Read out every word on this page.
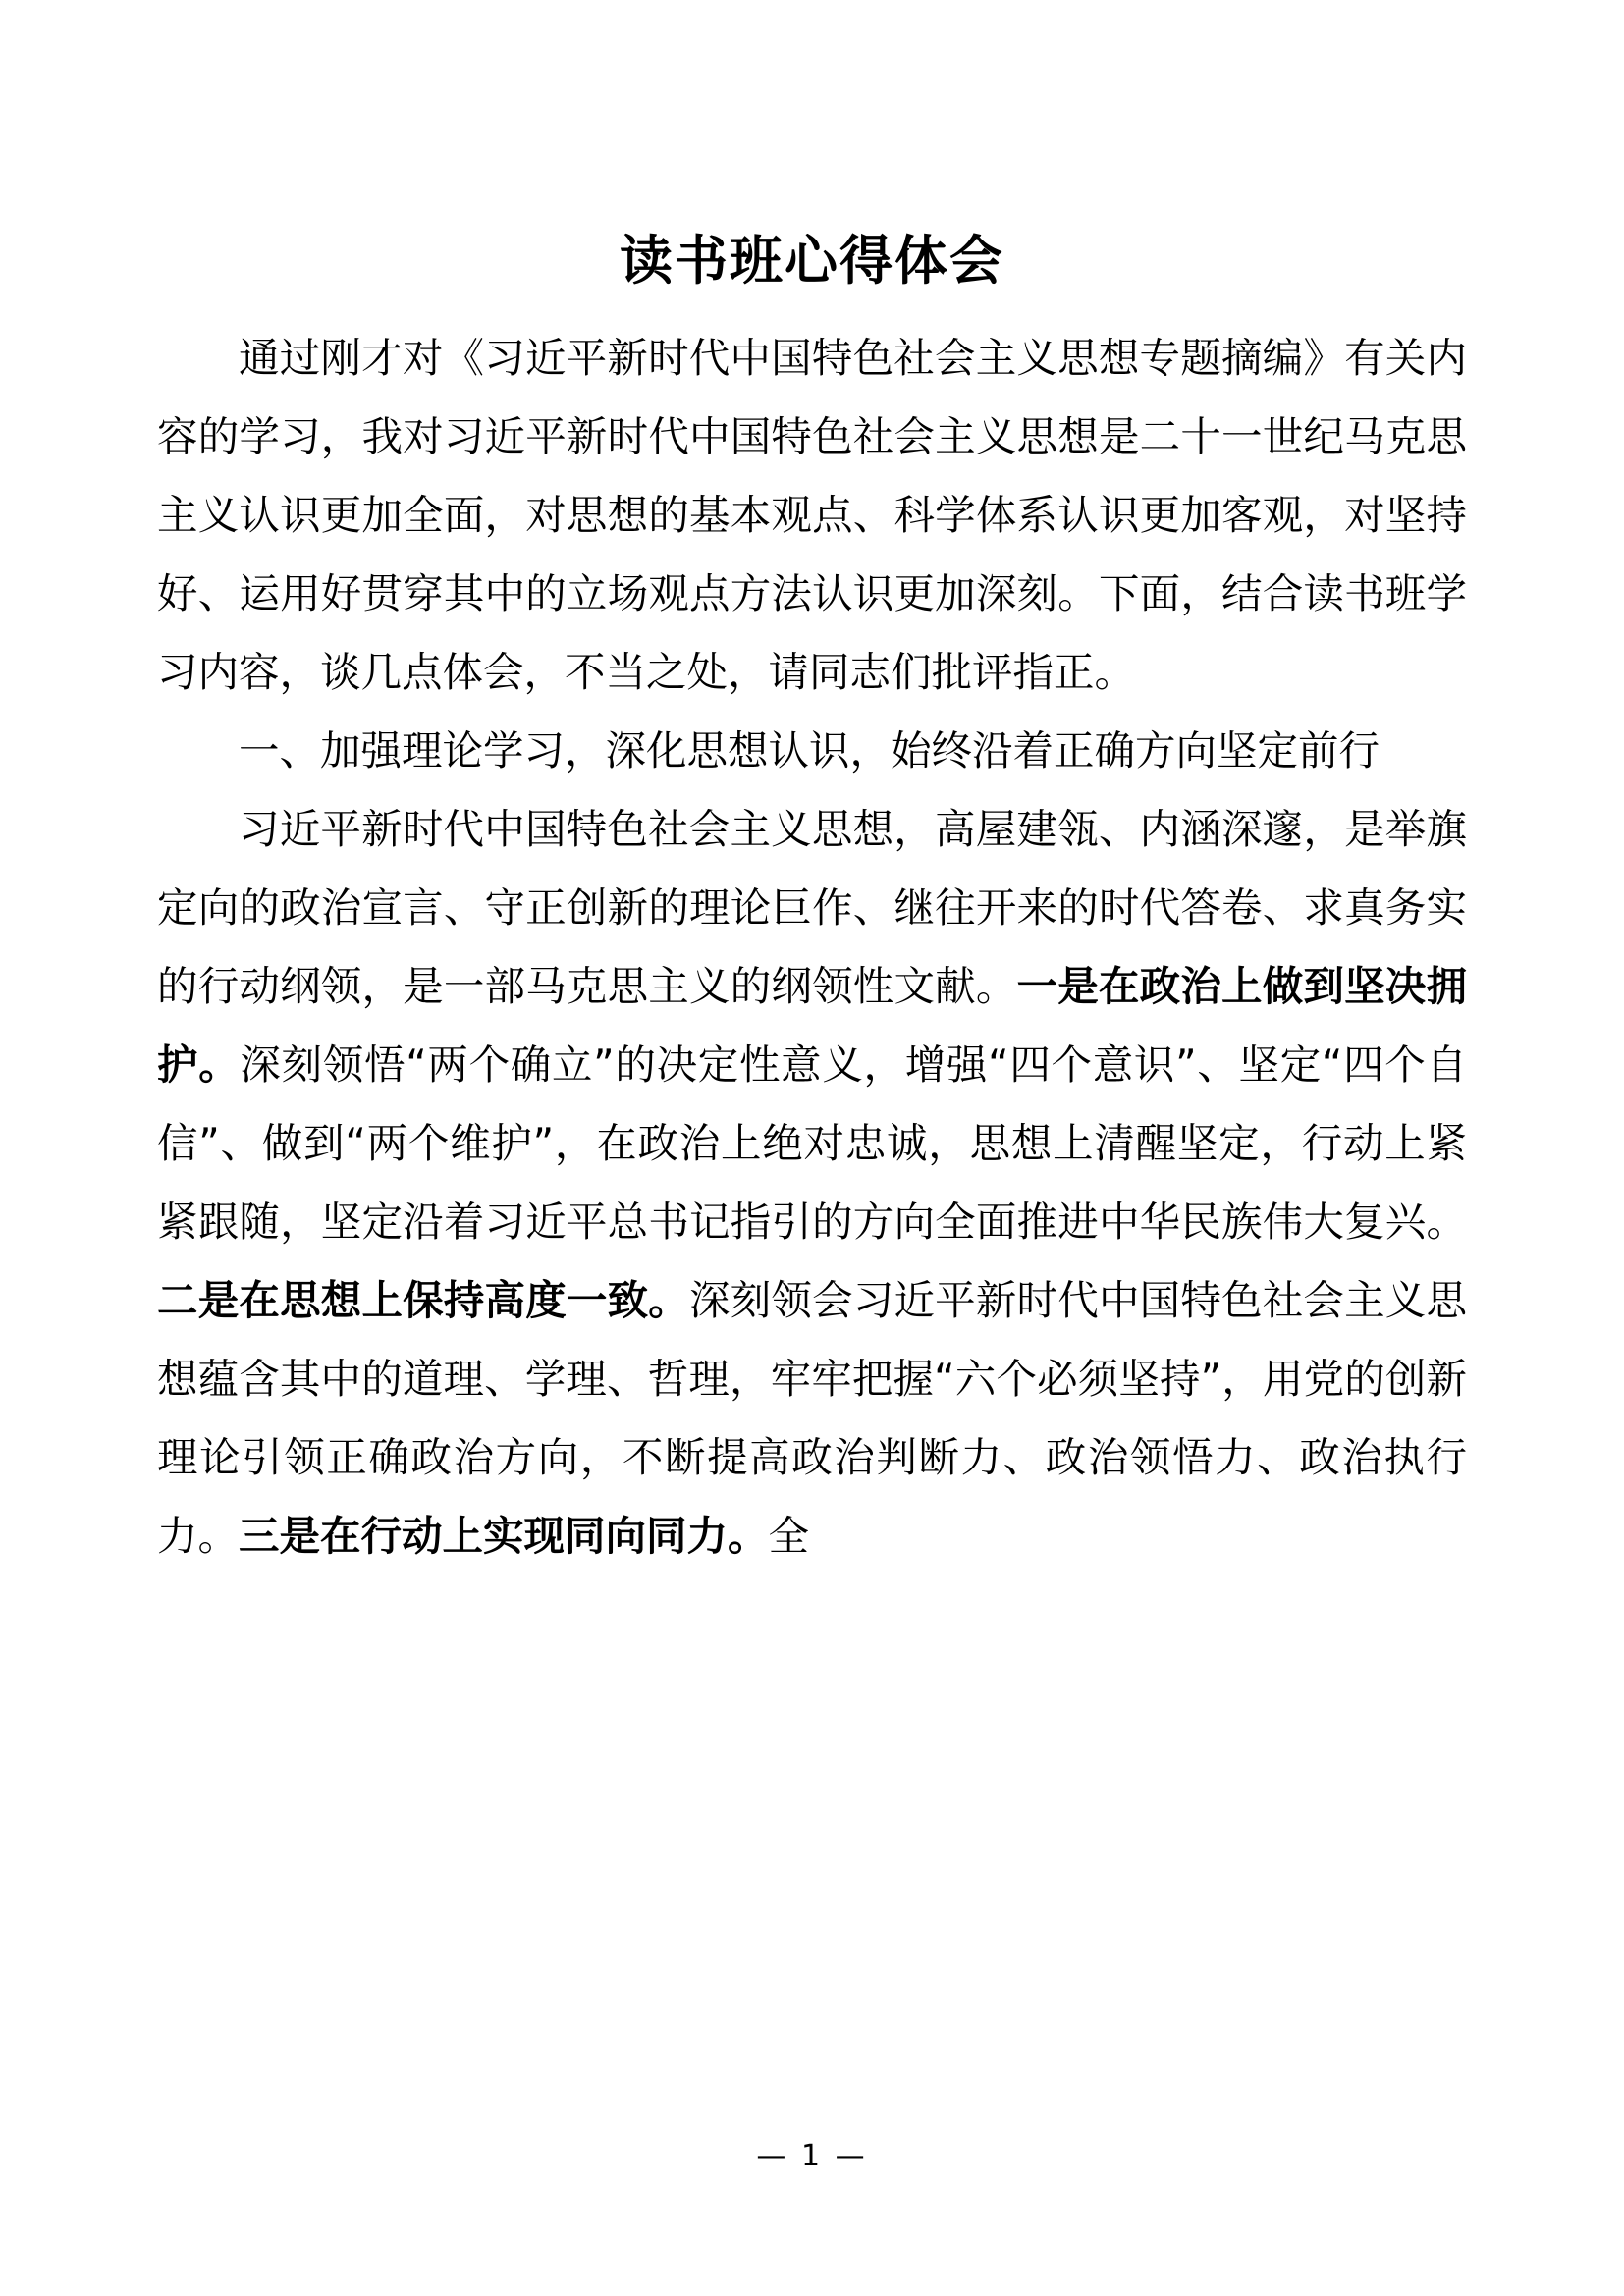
读书班心得体会

通过刚才对《习近平新时代中国特色社会主义思想专题摘编》有关内容的学习，我对习近平新时代中国特色社会主义思想是二十一世纪马克思主义认识更加全面，对思想的基本观点、科学体系认识更加客观，对坚持好、运用好贯穿其中的立场观点方法认识更加深刻。下面，结合读书班学习内容，谈几点体会，不当之处，请同志们批评指正。

一、加强理论学习，深化思想认识，始终沿着正确方向坚定前行

习近平新时代中国特色社会主义思想，高屋建瓴、内涵深邃，是举旗定向的政治宣言、守正创新的理论巨作、继往开来的时代答卷、求真务实的行动纲领，是一部马克思主义的纲领性文献。一是在政治上做到坚决拥护。深刻领悟“两个确立”的决定性意义，增强“四个意识”、坚定“四个自信”、做到“两个维护”，在政治上绝对忠诚，思想上清醒坚定，行动上紧紧跟随，坚定沿着习近平总书记指引的方向全面推进中华民族伟大复兴。二是在思想上保持高度一致。深刻领会习近平新时代中国特色社会主义思想蕴含其中的道理、学理、哲理，牢牢把握“六个必须坚持”，用党的创新理论引领正确政治方向，不断提高政治判断力、政治领悟力、政治执行力。三是在行动上实现同向同力。全

— 1 —
